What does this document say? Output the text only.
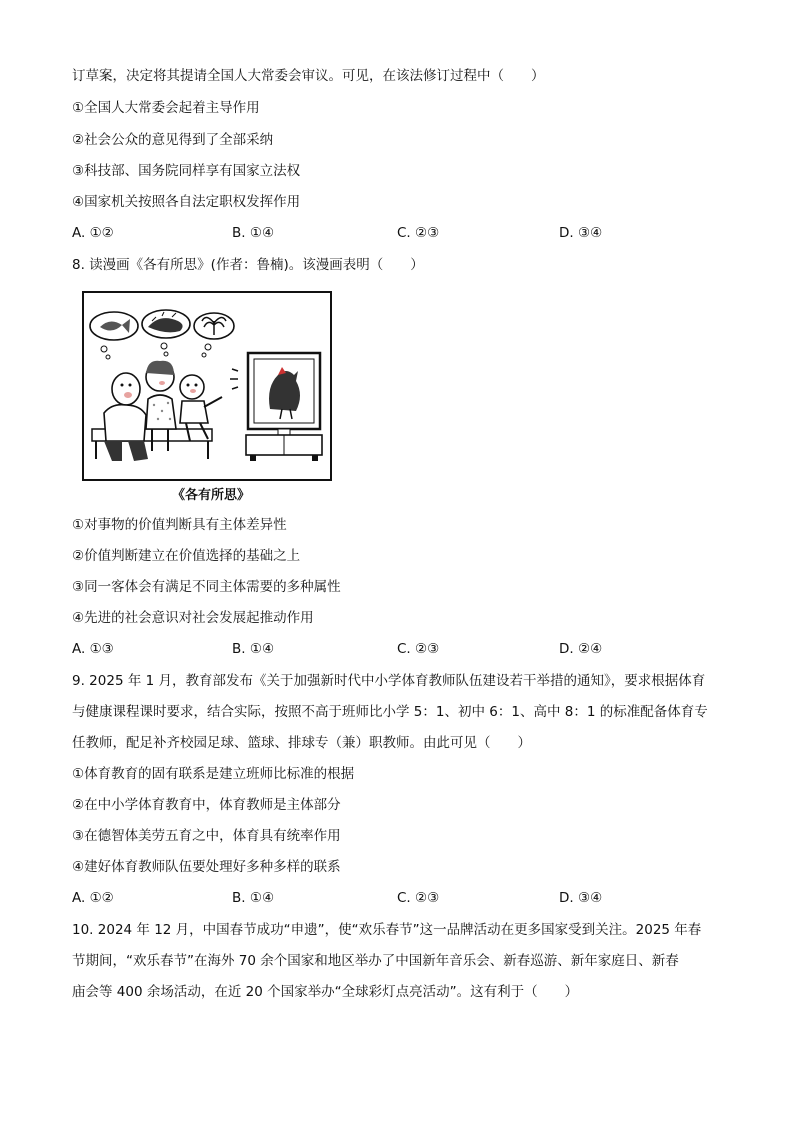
订草案，决定将其提请全国人大常委会审议。可见，在该法修订过程中（　　）
①全国人大常委会起着主导作用
②社会公众的意见得到了全部采纳
③科技部、国务院同样享有国家立法权
④国家机关按照各自法定职权发挥作用
A. ①②	B. ①④	C. ②③	D. ③④
8. 读漫画《各有所思》(作者：鲁楠)。该漫画表明（　　）
《各有所思》
①对事物的价值判断具有主体差异性
②价值判断建立在价值选择的基础之上
③同一客体会有满足不同主体需要的多种属性
④先进的社会意识对社会发展起推动作用
A. ①③	B. ①④	C. ②③	D. ②④
9. 2025 年 1 月，教育部发布《关于加强新时代中小学体育教师队伍建设若干举措的通知》，要求根据体育
与健康课程课时要求，结合实际，按照不高于班师比小学 5：1、初中 6：1、高中 8：1 的标准配备体育专
任教师，配足补齐校园足球、篮球、排球专（兼）职教师。由此可见（　　）
①体育教育的固有联系是建立班师比标准的根据
②在中小学体育教育中，体育教师是主体部分
③在德智体美劳五育之中，体育具有统率作用
④建好体育教师队伍要处理好多种多样的联系
A. ①②	B. ①④	C. ②③	D. ③④
10. 2024 年 12 月，中国春节成功“申遗”，使“欢乐春节”这一品牌活动在更多国家受到关注。2025 年春
节期间，“欢乐春节”在海外 70 余个国家和地区举办了中国新年音乐会、新春巡游、新年家庭日、新春
庙会等 400 余场活动，在近 20 个国家举办“全球彩灯点亮活动”。这有利于（　　）
